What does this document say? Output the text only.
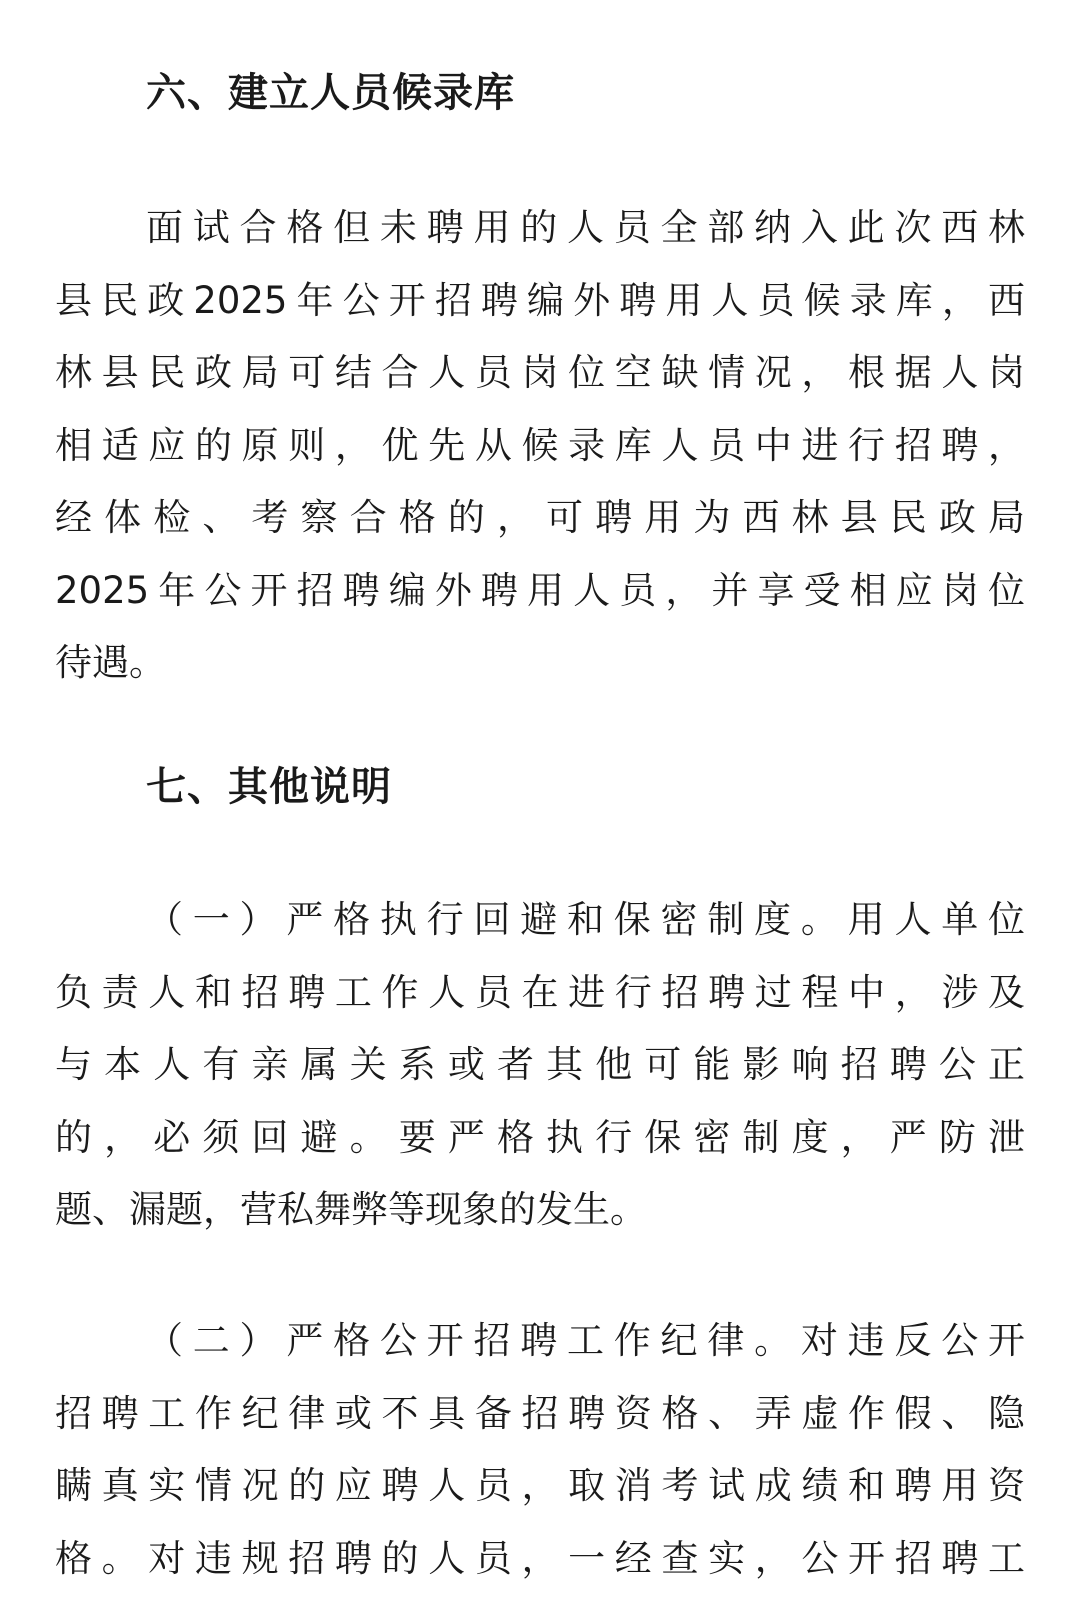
六、建立人员候录库
面试合格但未聘用的人员全部纳入此次西林
县民政2025年公开招聘编外聘用人员候录库，西
林县民政局可结合人员岗位空缺情况，根据人岗
相适应的原则，优先从候录库人员中进行招聘，
经体检、考察合格的，可聘用为西林县民政局
2025年公开招聘编外聘用人员，并享受相应岗位
待遇。
七、其他说明
（一）严格执行回避和保密制度。用人单位
负责人和招聘工作人员在进行招聘过程中，涉及
与本人有亲属关系或者其他可能影响招聘公正
的，必须回避。要严格执行保密制度，严防泄
题、漏题，营私舞弊等现象的发生。
（二）严格公开招聘工作纪律。对违反公开
招聘工作纪律或不具备招聘资格、弄虚作假、隐
瞒真实情况的应聘人员，取消考试成绩和聘用资
格。对违规招聘的人员，一经查实，公开招聘工
